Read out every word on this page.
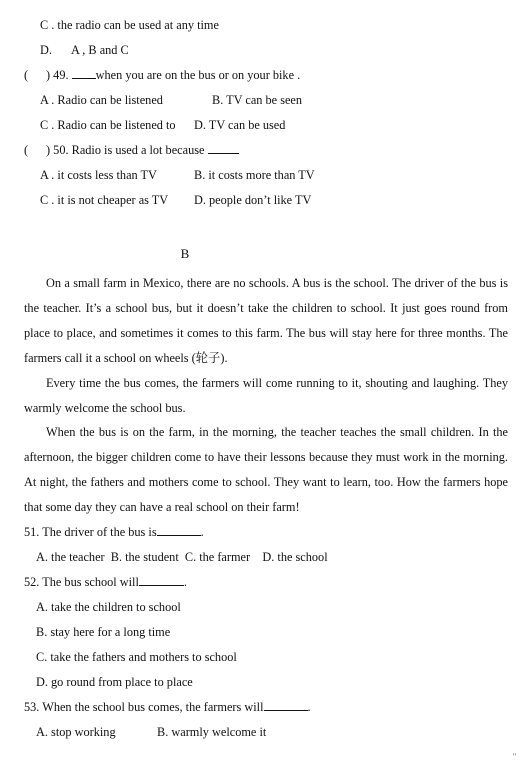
C . the radio can be used at any time
D. A , B and C
( ) 49. when you are on the bus or on your bike .
A . Radio can be listened	B. TV can be seen
C . Radio can be listened to D. TV can be used
( ) 50. Radio is used a lot because
A . it costs less than TV	B. it costs more than TV
C . it is not cheaper as TV D. people don’t like TV
B
On a small farm in Mexico, there are no schools. A bus is the school. The driver of the bus is the teacher. It’s a school bus, but it doesn’t take the children to school. It just goes round from place to place, and sometimes it comes to this farm. The bus will stay here for three months. The farmers call it a school on wheels (轮子).
Every time the bus comes, the farmers will come running to it, shouting and laughing. They warmly welcome the school bus.
When the bus is on the farm, in the morning, the teacher teaches the small children. In the afternoon, the bigger children come to have their lessons because they must work in the morning. At night, the fathers and mothers come to school. They want to learn, too. How the farmers hope that some day they can have a real school on their farm!
51. The driver of the bus is	.
A. the teacher  B. the student  C. the farmer    D. the school
52. The bus school will	.
A. take the children to school
B. stay here for a long time
C. take the fathers and mothers to school
D. go round from place to place
53. When the school bus comes, the farmers will	.
A. stop working	B. warmly welcome it
''
